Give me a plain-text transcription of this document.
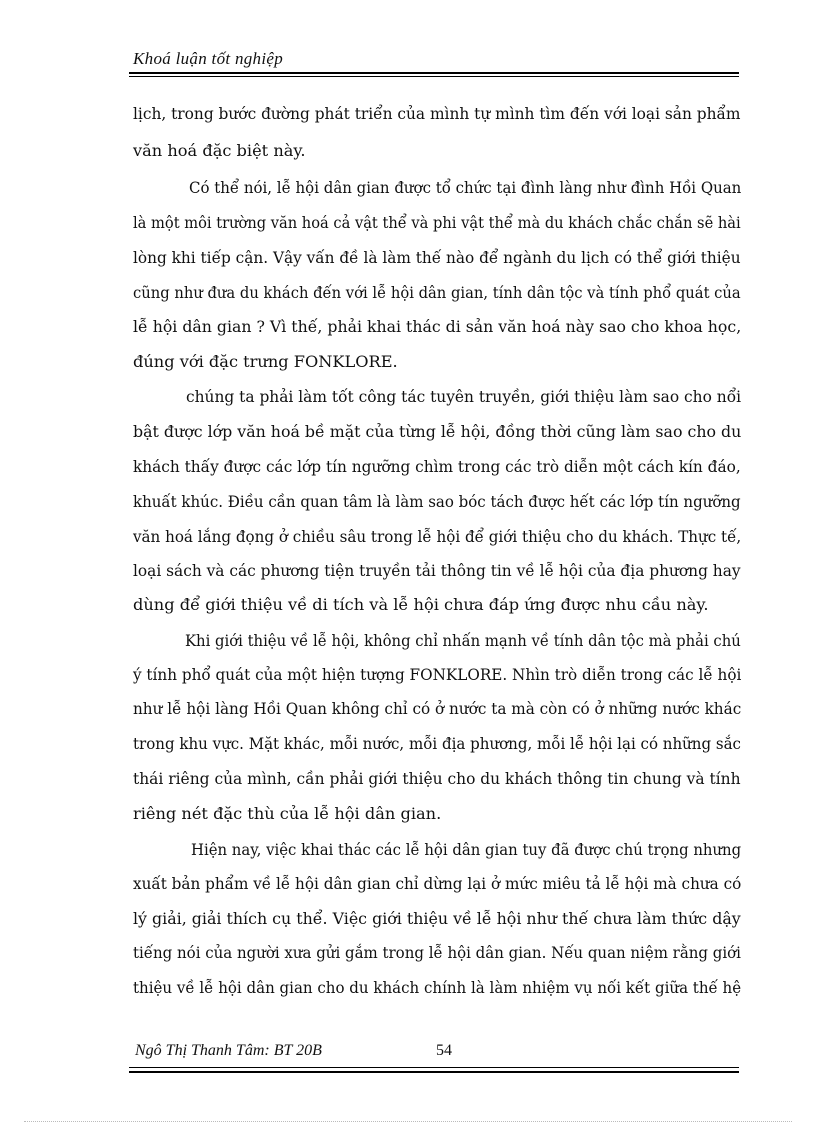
Khoá luận tốt nghiệp
lịch, trong bước đường phát triển của mình tự mình tìm đến với loại sản phẩm
văn hoá đặc biệt này.
Có thể nói, lễ hội dân gian được tổ chức tại đình làng như đình Hồi Quan
là một môi trường văn hoá cả vật thể và phi vật thể mà du khách chắc chắn sẽ hài
lòng khi tiếp cận. Vậy vấn đề là làm thế nào để ngành du lịch có thể giới thiệu
cũng như đưa du khách đến với lễ hội dân gian, tính dân tộc và tính phổ quát của
lễ hội dân gian ? Vì thế, phải khai thác di sản văn hoá này sao cho khoa học,
đúng với đặc trưng FONKLORE.
chúng ta phải làm tốt công tác tuyên truyền, giới thiệu làm sao cho nổi
bật được lớp văn hoá bề mặt của từng lễ hội, đồng thời cũng làm sao cho du
khách thấy được các lớp tín ngưỡng chìm trong các trò diễn một cách kín đáo,
khuất khúc. Điều cần quan tâm là làm sao bóc tách được hết các lớp tín ngưỡng
văn hoá lắng đọng ở chiều sâu trong lễ hội để giới thiệu cho du khách. Thực tế,
loại sách và các phương tiện truyền tải thông tin về lễ hội của địa phương hay
dùng để giới thiệu về di tích và lễ hội chưa đáp ứng được nhu cầu này.
Khi giới thiệu về lễ hội, không chỉ nhấn mạnh về tính dân tộc mà phải chú
ý tính phổ quát của một hiện tượng FONKLORE. Nhìn trò diễn trong các lễ hội
như lễ hội làng Hồi Quan không chỉ có ở nước ta mà còn có ở những nước khác
trong khu vực. Mặt khác, mỗi nước, mỗi địa phương, mỗi lễ hội lại có những sắc
thái riêng của mình, cần phải giới thiệu cho du khách thông tin chung và tính
riêng nét đặc thù của lễ hội dân gian.
Hiện nay, việc khai thác các lễ hội dân gian tuy đã được chú trọng nhưng
xuất bản phẩm về lễ hội dân gian chỉ dừng lại ở mức miêu tả lễ hội mà chưa có
lý giải, giải thích cụ thể. Việc giới thiệu về lễ hội như thế chưa làm thức dậy
tiếng nói của người xưa gửi gắm trong lễ hội dân gian. Nếu quan niệm rằng giới
thiệu về lễ hội dân gian cho du khách chính là làm nhiệm vụ nối kết giữa thế hệ
Ngô Thị Thanh Tâm: BT 20B	54
